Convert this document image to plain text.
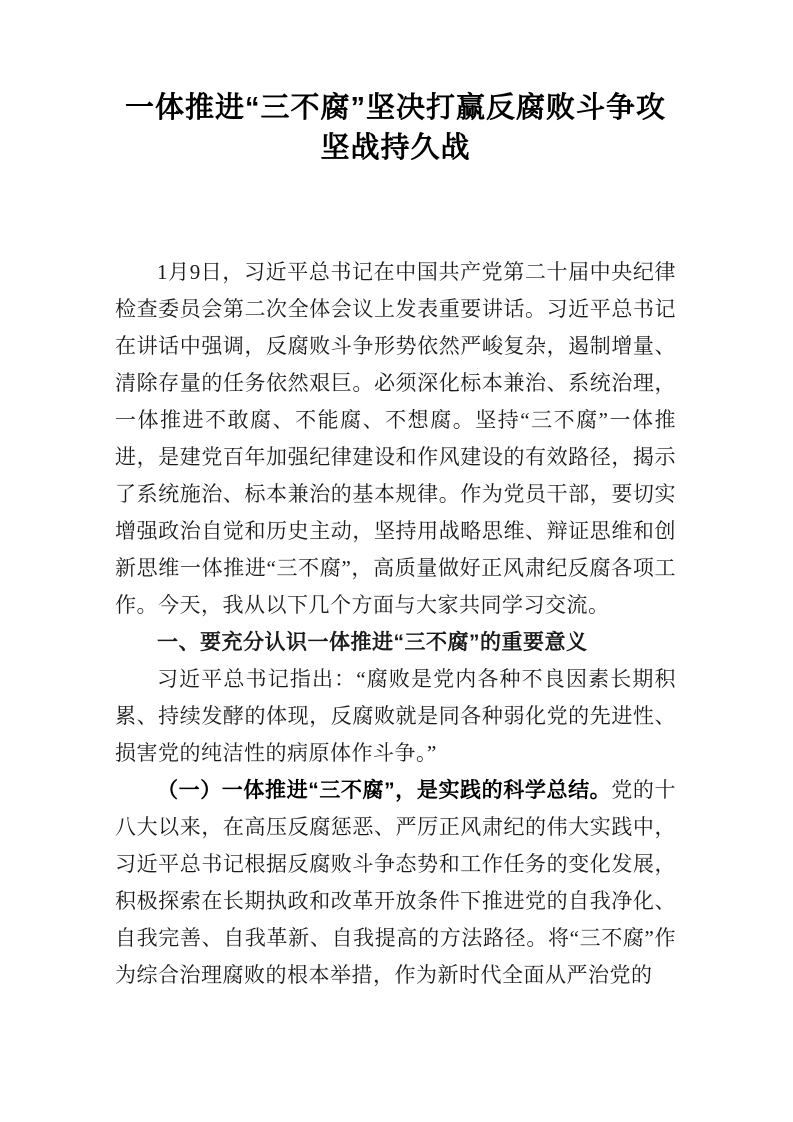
一体推进“三不腐”坚决打赢反腐败斗争攻坚战持久战

1月9日，习近平总书记在中国共产党第二十届中央纪律检查委员会第二次全体会议上发表重要讲话。习近平总书记在讲话中强调，反腐败斗争形势依然严峻复杂，遏制增量、清除存量的任务依然艰巨。必须深化标本兼治、系统治理，一体推进不敢腐、不能腐、不想腐。坚持“三不腐”一体推进，是建党百年加强纪律建设和作风建设的有效路径，揭示了系统施治、标本兼治的基本规律。作为党员干部，要切实增强政治自觉和历史主动，坚持用战略思维、辩证思维和创新思维一体推进“三不腐”，高质量做好正风肃纪反腐各项工作。今天，我从以下几个方面与大家共同学习交流。

一、要充分认识一体推进“三不腐”的重要意义

习近平总书记指出：“腐败是党内各种不良因素长期积累、持续发酵的体现，反腐败就是同各种弱化党的先进性、损害党的纯洁性的病原体作斗争。”

（一）一体推进“三不腐”，是实践的科学总结。党的十八大以来，在高压反腐惩恶、严厉正风肃纪的伟大实践中，习近平总书记根据反腐败斗争态势和工作任务的变化发展，积极探索在长期执政和改革开放条件下推进党的自我净化、自我完善、自我革新、自我提高的方法路径。将“三不腐”作为综合治理腐败的根本举措，作为新时代全面从严治党的
